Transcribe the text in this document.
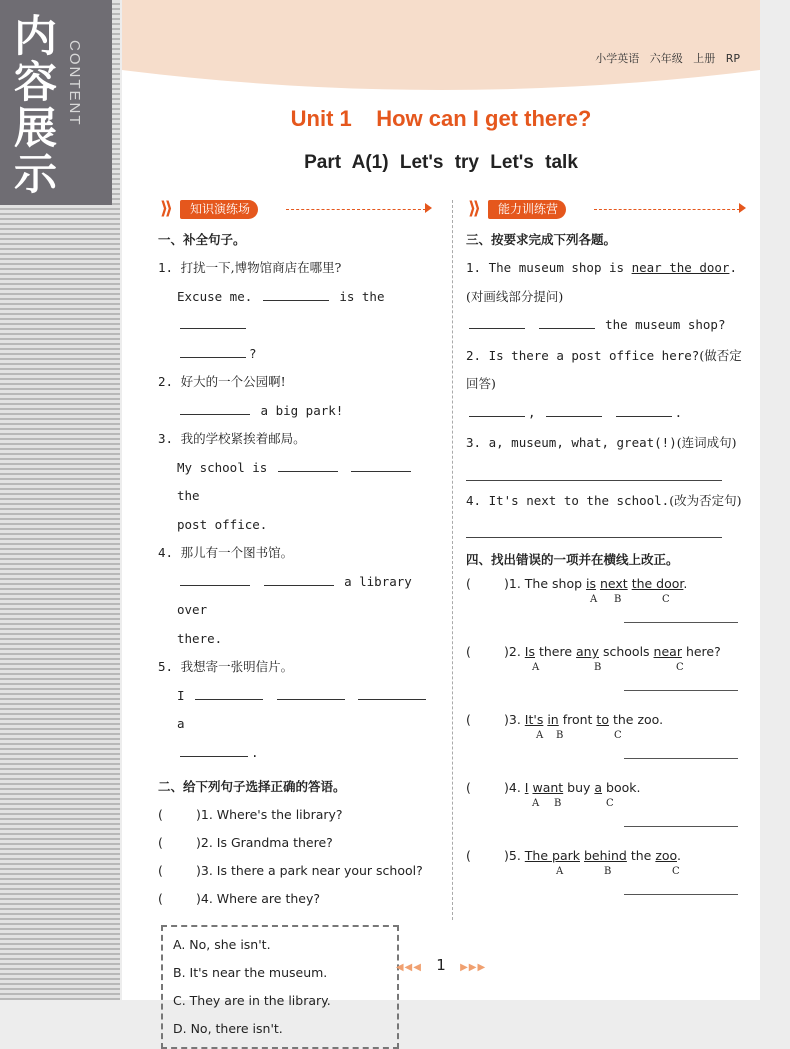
内
容
展
示
CONTENT	小学英语 六年级 上册 RP
Unit 1    How can I get there?
Part A(1) Let's try Let's talk
⟫	知识演练场
一、补全句子。
1. 打扰一下,博物馆商店在哪里?
Excuse me.	is the
?
2. 好大的一个公园啊!
a big park!
3. 我的学校紧挨着邮局。
My school is   the
post office.
4. 那儿有一个图书馆。
a library over
there.
5. 我想寄一张明信片。
I    a
.
二、给下列句子选择正确的答语。
(	)1. Where's the library?
(	)2. Is Grandma there?
(	)3. Is there a park near your school?
(	)4. Where are they?
A. No, she isn't.
B. It's near the museum.
C. They are in the library.
D. No, there isn't.
⟫	能力训练营
三、按要求完成下列各题。
1. The museum shop is near the door.(对画线部分提问)
the museum shop?
2. Is there a post office here?(做否定回答)
,	.
3. a, museum, what, great(!)(连词成句)
4. It's next to the school.(改为否定句)
四、找出错误的一项并在横线上改正。
(	)1. The shop is next the door.
A B	C
(	)2. Is there any schools near here?
A	B	C
(	)3. It's in front to the zoo.
A B	C
(	)4. I want buy a book.
A B	C
(	)5. The park behind the zoo.
A	B	C
◀◀◀ 1 ▶▶▶
